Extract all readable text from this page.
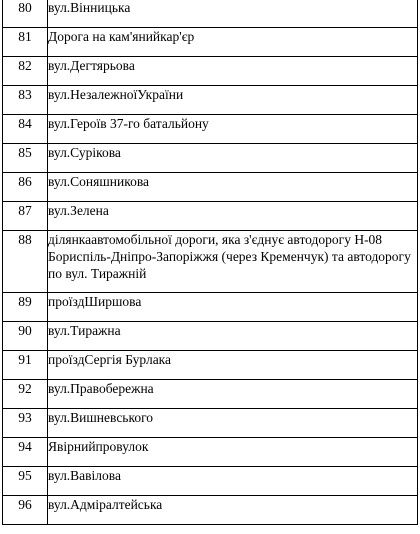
80	вул.Вінницька
81	Дорога на кам'янийкар'єр
82	вул.Дегтярьова
83	вул.НезалежноїУкраїни
84	вул.Героїв 37-го батальйону
85	вул.Сурікова
86	вул.Соняшникова
87	вул.Зелена
88	ділянкаавтомобільної дороги, яка з'єднує автодорогу Н-08 Бориспіль-Дніпро-Запоріжжя (через Кременчук) та автодорогу по вул. Тиражній
89	проїздШиршова
90	вул.Тиражна
91	проїздСергія Бурлака
92	вул.Правобережна
93	вул.Вишневського
94	Явірнийпровулок
95	вул.Вавілова
96	вул.Адміралтейська
